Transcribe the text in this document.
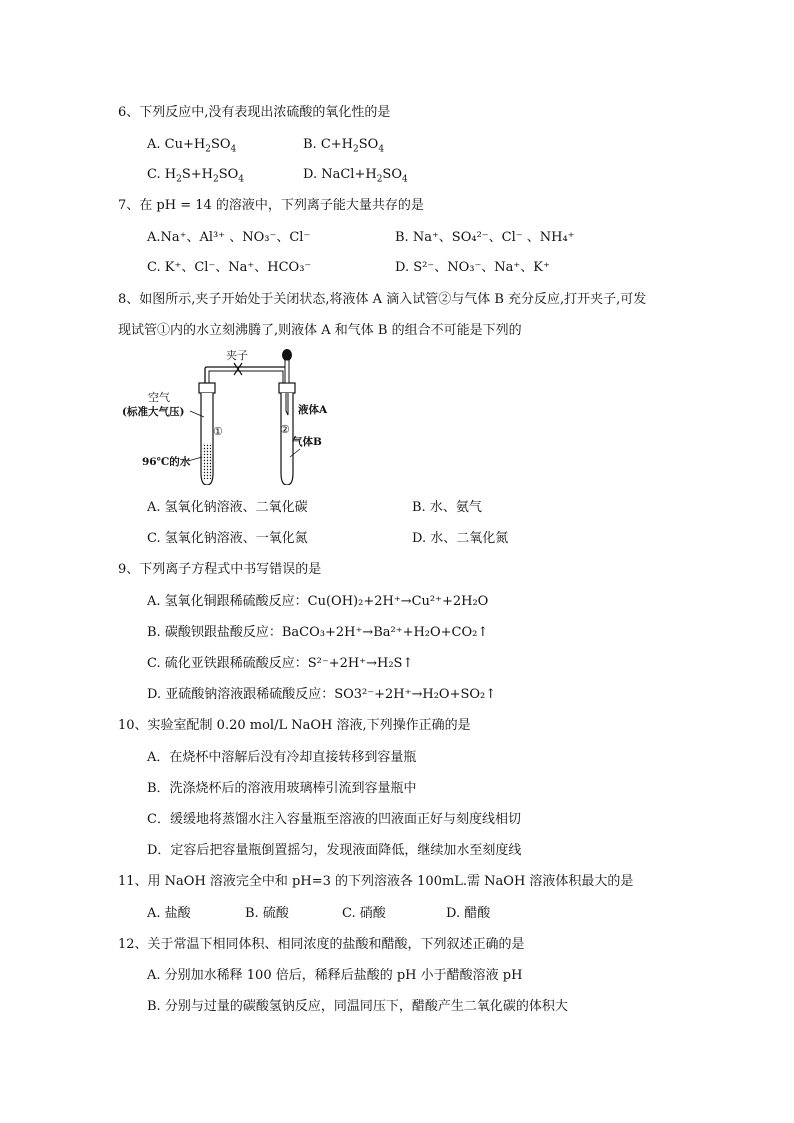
6、下列反应中,没有表现出浓硫酸的氧化性的是
A. $Cu+H_2SO_4$	B. $C+H_2SO_4$
C. $H_2S+H_2SO_4$	D. $NaCl+H_2SO_4$
7、在 pH = 14 的溶液中，下列离子能大量共存的是
A.Na⁺、Al³⁺ 、NO₃⁻、Cl⁻	B. Na⁺、SO₄²⁻、Cl⁻ 、NH₄⁺
C. K⁺、Cl⁻、Na⁺、HCO₃⁻	D. S²⁻、NO₃⁻、Na⁺、K⁺
8、如图所示,夹子开始处于关闭状态,将液体 A 滴入试管②与气体 B 充分反应,打开夹子,可发
现试管①内的水立刻沸腾了,则液体 A 和气体 B 的组合不可能是下列的
夹子
①	②
空气
(标准大气压)	液体A
气体B
96℃的水
A. 氢氧化钠溶液、二氧化碳	B. 水、氨气
C. 氢氧化钠溶液、一氧化氮	D. 水、二氧化氮
9、下列离子方程式中书写错误的是
A. 氢氧化铜跟稀硫酸反应：Cu(OH)₂+2H⁺→Cu²⁺+2H₂O
B. 碳酸钡跟盐酸反应：BaCO₃+2H⁺→Ba²⁺+H₂O+CO₂↑
C. 硫化亚铁跟稀硫酸反应：S²⁻+2H⁺→H₂S↑
D. 亚硫酸钠溶液跟稀硫酸反应：SO3²⁻+2H⁺→H₂O+SO₂↑
10、实验室配制 0.20 mol/L NaOH 溶液,下列操作正确的是
A．在烧杯中溶解后没有冷却直接转移到容量瓶
B．洗涤烧杯后的溶液用玻璃棒引流到容量瓶中
C．缓缓地将蒸馏水注入容量瓶至溶液的凹液面正好与刻度线相切
D．定容后把容量瓶倒置摇匀，发现液面降低，继续加水至刻度线
11、用 NaOH 溶液完全中和 pH=3 的下列溶液各 100mL.需 NaOH 溶液体积最大的是
A. 盐酸	B. 硫酸	C. 硝酸	D. 醋酸
12、关于常温下相同体积、相同浓度的盐酸和醋酸，下列叙述正确的是
A. 分别加水稀释 100 倍后，稀释后盐酸的 pH 小于醋酸溶液 pH
B. 分别与过量的碳酸氢钠反应，同温同压下，醋酸产生二氧化碳的体积大
